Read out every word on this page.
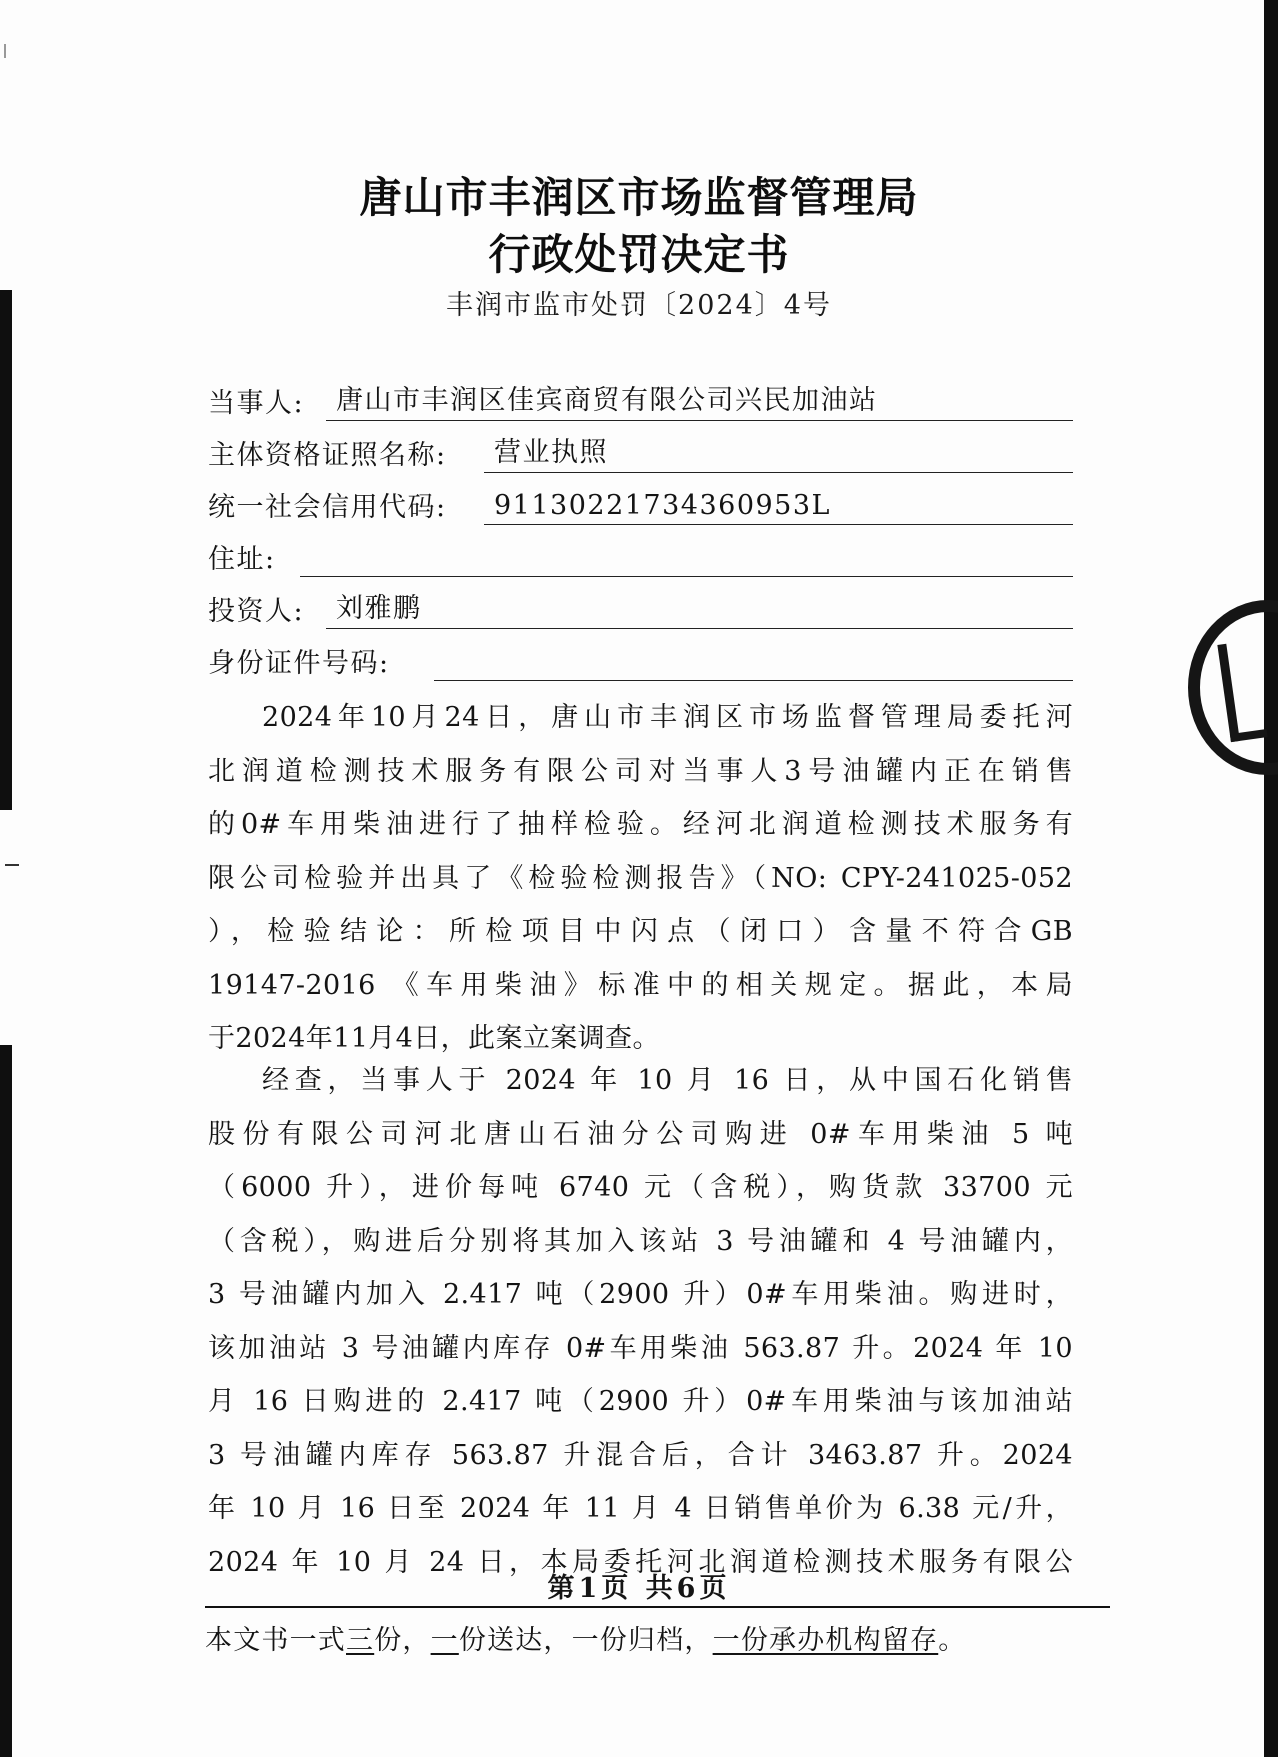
唐山市丰润区市场监督管理局
行政处罚决定书
丰润市监市处罚〔2024〕4号
当事人: 唐山市丰润区佳宾商贸有限公司兴民加油站
主体资格证照名称: 营业执照
统一社会信用代码: 91130221734360953L
住址:
投资人: 刘雅鹏
身份证件号码:
2024年10月24日，唐山市丰润区市场监督管理局委托河
北润道检测技术服务有限公司对当事人3号油罐内正在销售
的0#车用柴油进行了抽样检验。经河北润道检测技术服务有
限公司检验并出具了《检验检测报告》（NO: CPY-241025-052
），检验结论：所检项目中闪点（闭口）含量不符合GB
19147-2016 《车用柴油》标准中的相关规定。据此，本局
于2024年11月4日，此案立案调查。
经查，当事人于 2024 年 10 月 16 日，从中国石化销售
股份有限公司河北唐山石油分公司购进 0#车用柴油 5 吨
（6000 升），进价每吨 6740 元（含税），购货款 33700 元
（含税），购进后分别将其加入该站 3 号油罐和 4 号油罐内，
3 号油罐内加入 2.417 吨（2900 升）0#车用柴油。购进时，
该加油站 3 号油罐内库存 0#车用柴油 563.87 升。2024 年 10
月 16 日购进的 2.417 吨（2900 升）0#车用柴油与该加油站
3 号油罐内库存 563.87 升混合后，合计 3463.87 升。2024
年 10 月 16 日至 2024 年 11 月 4 日销售单价为 6.38 元/升，
2024 年 10 月 24 日，本局委托河北润道检测技术服务有限公
第1页 共6页
本文书一式三份，一份送达，一份归档，一份承办机构留存。
